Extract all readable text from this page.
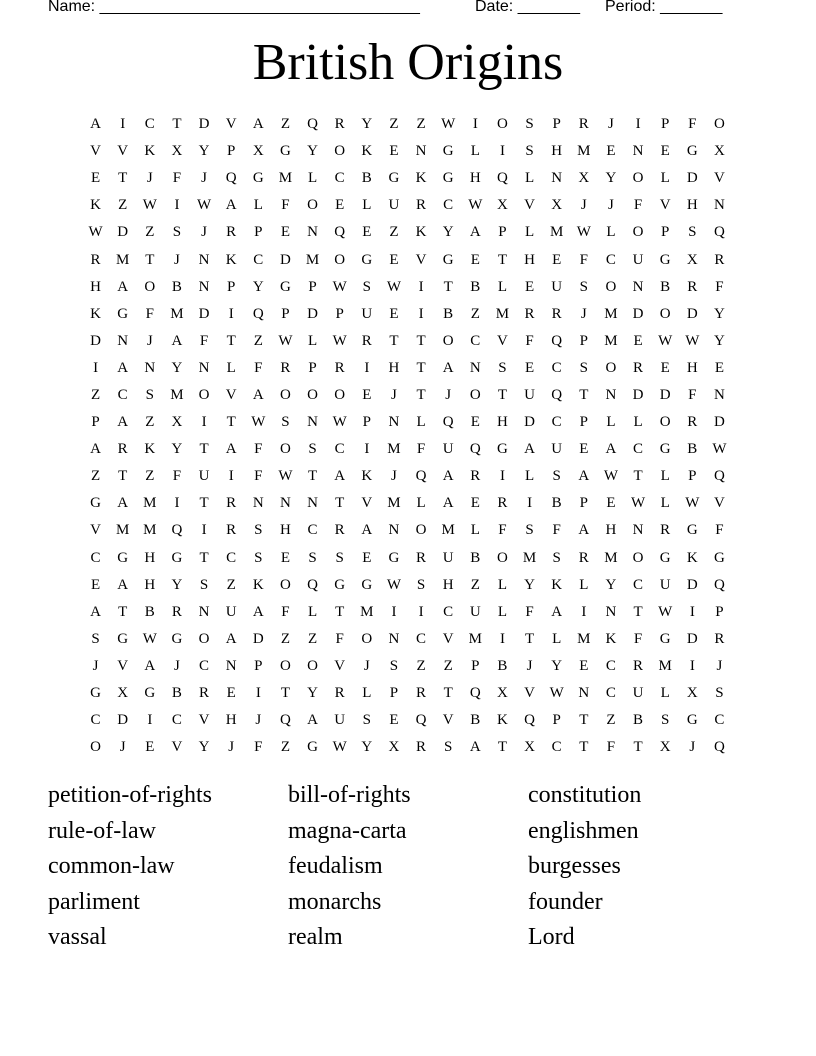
Name: ____________________________________

	Date: _______

Period: _______

British Origins
A	I	C	T	D	V	A	Z	Q	R	Y	Z	Z	W	I	O	S	P	R	J	I	P	F	O
V	V	K	X	Y	P	X	G	Y	O	K	E	N	G	L	I	S	H	M	E	N	E	G	X
E	T	J	F	J	Q	G	M	L	C	B	G	K	G	H	Q	L	N	X	Y	O	L	D	V
K	Z	W	I	W A	L	F	O	E	L	U	R	C	W X	V	X	J	J	F	V	H	N
W D	Z	S	J	R	P	E	N	Q	E	Z	K	Y	A	P	L	M W	L	O	P	S	Q
R	M	T	J	N	K	C	D	M	O	G	E	V	G	E	T	H	E	F	C	U	G	X	R
H	A	O	B	N	P	Y	G	P	W	S	W	I	T	B	L	E	U	S	O	N	B	R	F
K	G	F	M	D	I	Q	P	D	P	U	E	I	B	Z	M	R	R	J	M	D	O	D	Y
D	N	J	A	F	T	Z	W	L	W	R	T	T	O	C	V	F	Q	P	M	E	W W Y
I	A	N	Y	N	L	F	R	P	R	I	H	T	A	N	S	E	C	S	O	R	E	H	E
Z	C	S	M	O	V	A	O	O	O	E	J	T	J	O	T	U	Q	T	N	D	D	F	N
P	A	Z	X	I	T	W	S	N W	P	N	L	Q	E	H	D	C	P	L	L	O	R	D
A	R	K	Y	T	A	F	O	S	C	I	M	F	U	Q	G	A	U	E	A	C	G	B	W
Z	T	Z	F	U	I	F	W	T	A	K	J	Q	A	R	I	L	S	A W	T	L	P	Q
G	A	M	I	T	R	N	N	N	T	V	M	L	A	E	R	I	B	P	E	W	L	W V
V	M M	Q	I	R	S	H	C	R	A	N	O	M	L	F	S	F	A	H	N	R	G	F
C	G	H	G	T	C	S	E	S	S	E	G	R	U	B	O	M	S	R	M	O	G	K	G
E	A	H	Y	S	Z	K	O	Q	G	G W	S	H	Z	L	Y	K	L	Y	C	U	D	Q
A	T	B	R	N	U	A	F	L	T	M	I	I	C	U	L	F	A	I	N	T	W	I	P
S	G W G	O	A	D	Z	Z	F	O	N	C	V	M	I	T	L	M	K	F	G	D	R
J	V	A	J	C	N	P	O	O	V	J	S	Z	Z	P	B	J	Y	E	C	R	M	I	J
G	X	G	B	R	E	I	T	Y	R	L	P	R	T	Q	X	V W N	C	U	L	X	S
C	D	I	C	V	H	J	Q	A	U	S	E	Q	V	B	K	Q	P	T	Z	B	S	G	C
O	J	E	V	Y	J	F	Z	G W Y	X	R	S	A	T	X	C	T	F	T	X	J	Q
petition-of-rights	bill-of-rights	constitution
rule-of-law	magna-carta	englishmen
common-law	feudalism	burgesses
parliment	monarchs	founder
vassal	realm	Lord
